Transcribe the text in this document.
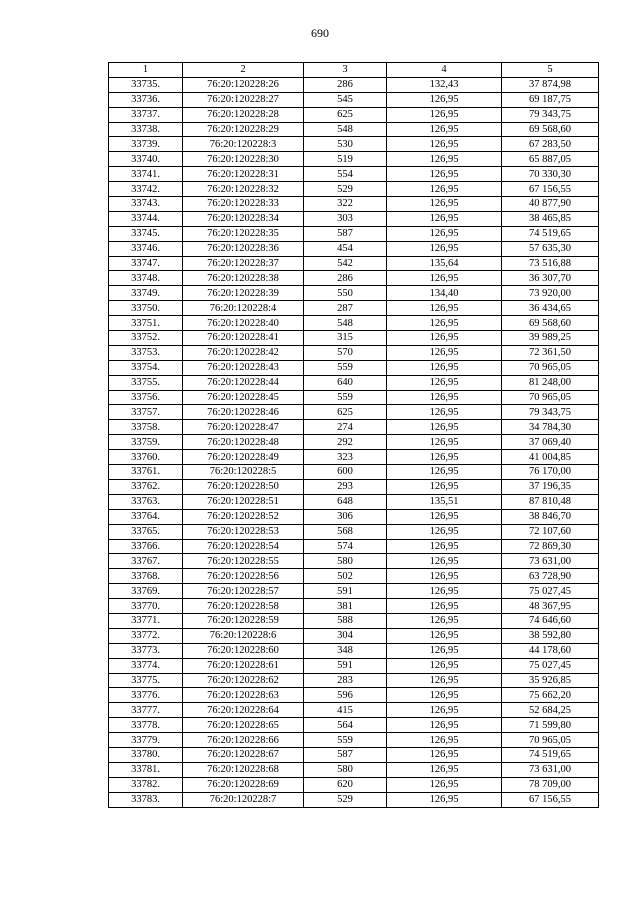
690
1	2	3	4	5
33735.	76:20:120228:26	286	132,43	37 874,98
33736.	76:20:120228:27	545	126,95	69 187,75
33737.	76:20:120228:28	625	126,95	79 343,75
33738.	76:20:120228:29	548	126,95	69 568,60
33739.	76:20:120228:3	530	126,95	67 283,50
33740.	76:20:120228:30	519	126,95	65 887,05
33741.	76:20:120228:31	554	126,95	70 330,30
33742.	76:20:120228:32	529	126,95	67 156,55
33743.	76:20:120228:33	322	126,95	40 877,90
33744.	76:20:120228:34	303	126,95	38 465,85
33745.	76:20:120228:35	587	126,95	74 519,65
33746.	76:20:120228:36	454	126,95	57 635,30
33747.	76:20:120228:37	542	135,64	73 516,88
33748.	76:20:120228:38	286	126,95	36 307,70
33749.	76:20:120228:39	550	134,40	73 920,00
33750.	76:20:120228:4	287	126,95	36 434,65
33751.	76:20:120228:40	548	126,95	69 568,60
33752.	76:20:120228:41	315	126,95	39 989,25
33753.	76:20:120228:42	570	126,95	72 361,50
33754.	76:20:120228:43	559	126,95	70 965,05
33755.	76:20:120228:44	640	126,95	81 248,00
33756.	76:20:120228:45	559	126,95	70 965,05
33757.	76:20:120228:46	625	126,95	79 343,75
33758.	76:20:120228:47	274	126,95	34 784,30
33759.	76:20:120228:48	292	126,95	37 069,40
33760.	76:20:120228:49	323	126,95	41 004,85
33761.	76:20:120228:5	600	126,95	76 170,00
33762.	76:20:120228:50	293	126,95	37 196,35
33763.	76:20:120228:51	648	135,51	87 810,48
33764.	76:20:120228:52	306	126,95	38 846,70
33765.	76:20:120228:53	568	126,95	72 107,60
33766.	76:20:120228:54	574	126,95	72 869,30
33767.	76:20:120228:55	580	126,95	73 631,00
33768.	76:20:120228:56	502	126,95	63 728,90
33769.	76:20:120228:57	591	126,95	75 027,45
33770.	76:20:120228:58	381	126,95	48 367,95
33771.	76:20:120228:59	588	126,95	74 646,60
33772.	76:20:120228:6	304	126,95	38 592,80
33773.	76:20:120228:60	348	126,95	44 178,60
33774.	76:20:120228:61	591	126,95	75 027,45
33775.	76:20:120228:62	283	126,95	35 926,85
33776.	76:20:120228:63	596	126,95	75 662,20
33777.	76:20:120228:64	415	126,95	52 684,25
33778.	76:20:120228:65	564	126,95	71 599,80
33779.	76:20:120228:66	559	126,95	70 965,05
33780.	76:20:120228:67	587	126,95	74 519,65
33781.	76:20:120228:68	580	126,95	73 631,00
33782.	76:20:120228:69	620	126,95	78 709,00
33783.	76:20:120228:7	529	126,95	67 156,55
